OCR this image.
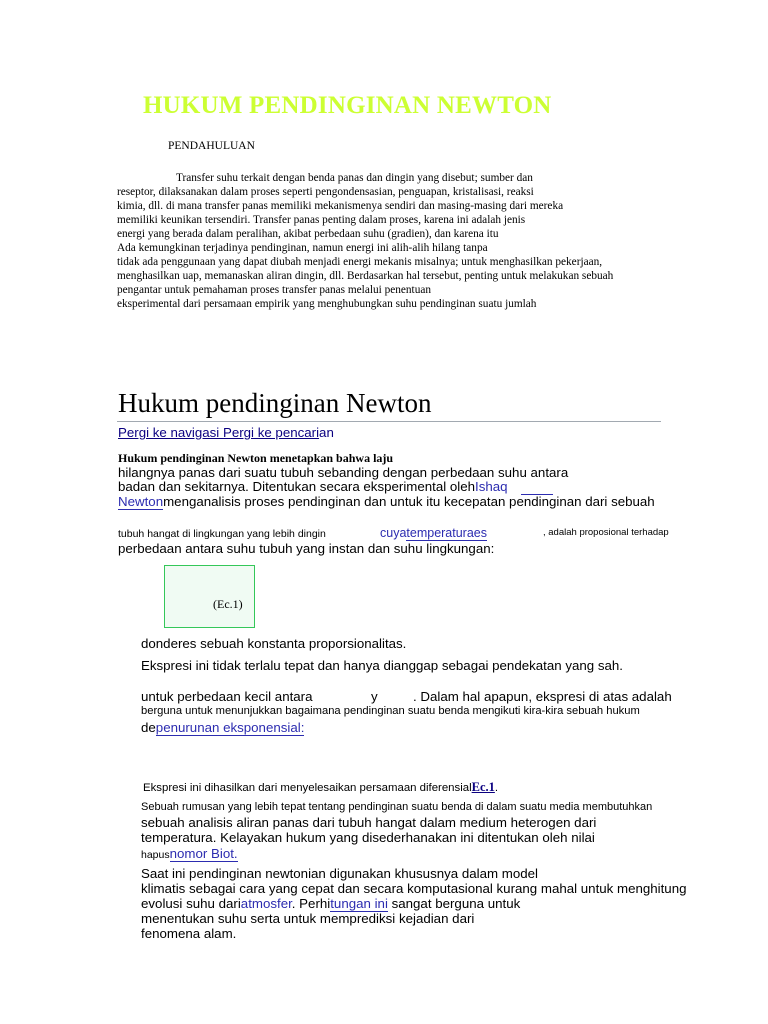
HUKUM PENDINGINAN NEWTON
PENDAHULUAN
Transfer suhu terkait dengan benda panas dan dingin yang disebut; sumber dan
reseptor, dilaksanakan dalam proses seperti pengondensasian, penguapan, kristalisasi, reaksi
kimia, dll. di mana transfer panas memiliki mekanismenya sendiri dan masing-masing dari mereka
memiliki keunikan tersendiri. Transfer panas penting dalam proses, karena ini adalah jenis
energi yang berada dalam peralihan, akibat perbedaan suhu (gradien), dan karena itu
Ada kemungkinan terjadinya pendinginan, namun energi ini alih-alih hilang tanpa
tidak ada penggunaan yang dapat diubah menjadi energi mekanis misalnya; untuk menghasilkan pekerjaan,
menghasilkan uap, memanaskan aliran dingin, dll. Berdasarkan hal tersebut, penting untuk melakukan sebuah
pengantar untuk pemahaman proses transfer panas melalui penentuan
eksperimental dari persamaan empirik yang menghubungkan suhu pendinginan suatu jumlah
Hukum pendinginan Newton
Pergi ke navigasi Pergi ke pencarian
Hukum pendinginan Newton menetapkan bahwa laju
hilangnya panas dari suatu tubuh sebanding dengan perbedaan suhu antara
badan dan sekitarnya. Ditentukan secara eksperimental olehIshaq
Newtonmenganalisis proses pendinginan dan untuk itu kecepatan pendinginan dari sebuah
tubuh hangat di lingkungan yang lebih dingin	cuyatemperaturaes	, adalah proposional terhadap
perbedaan antara suhu tubuh yang instan dan suhu lingkungan:
(Ec.1)
donderes sebuah konstanta proporsionalitas.
Ekspresi ini tidak terlalu tepat dan hanya dianggap sebagai pendekatan yang sah.
untuk perbedaan kecil antara	y	. Dalam hal apapun, ekspresi di atas adalah
berguna untuk menunjukkan bagaimana pendinginan suatu benda mengikuti kira-kira sebuah hukum
depenurunan eksponensial:
Ekspresi ini dihasilkan dari menyelesaikan persamaan diferensialEc.1.
Sebuah rumusan yang lebih tepat tentang pendinginan suatu benda di dalam suatu media membutuhkan
sebuah analisis aliran panas dari tubuh hangat dalam medium heterogen dari
temperatura. Kelayakan hukum yang disederhanakan ini ditentukan oleh nilai
hapusnomor Biot.
Saat ini pendinginan newtonian digunakan khususnya dalam model
klimatis sebagai cara yang cepat dan secara komputasional kurang mahal untuk menghitung
evolusi suhu dariatmosfer. Perhitungan ini sangat berguna untuk
menentukan suhu serta untuk memprediksi kejadian dari
fenomena alam.
